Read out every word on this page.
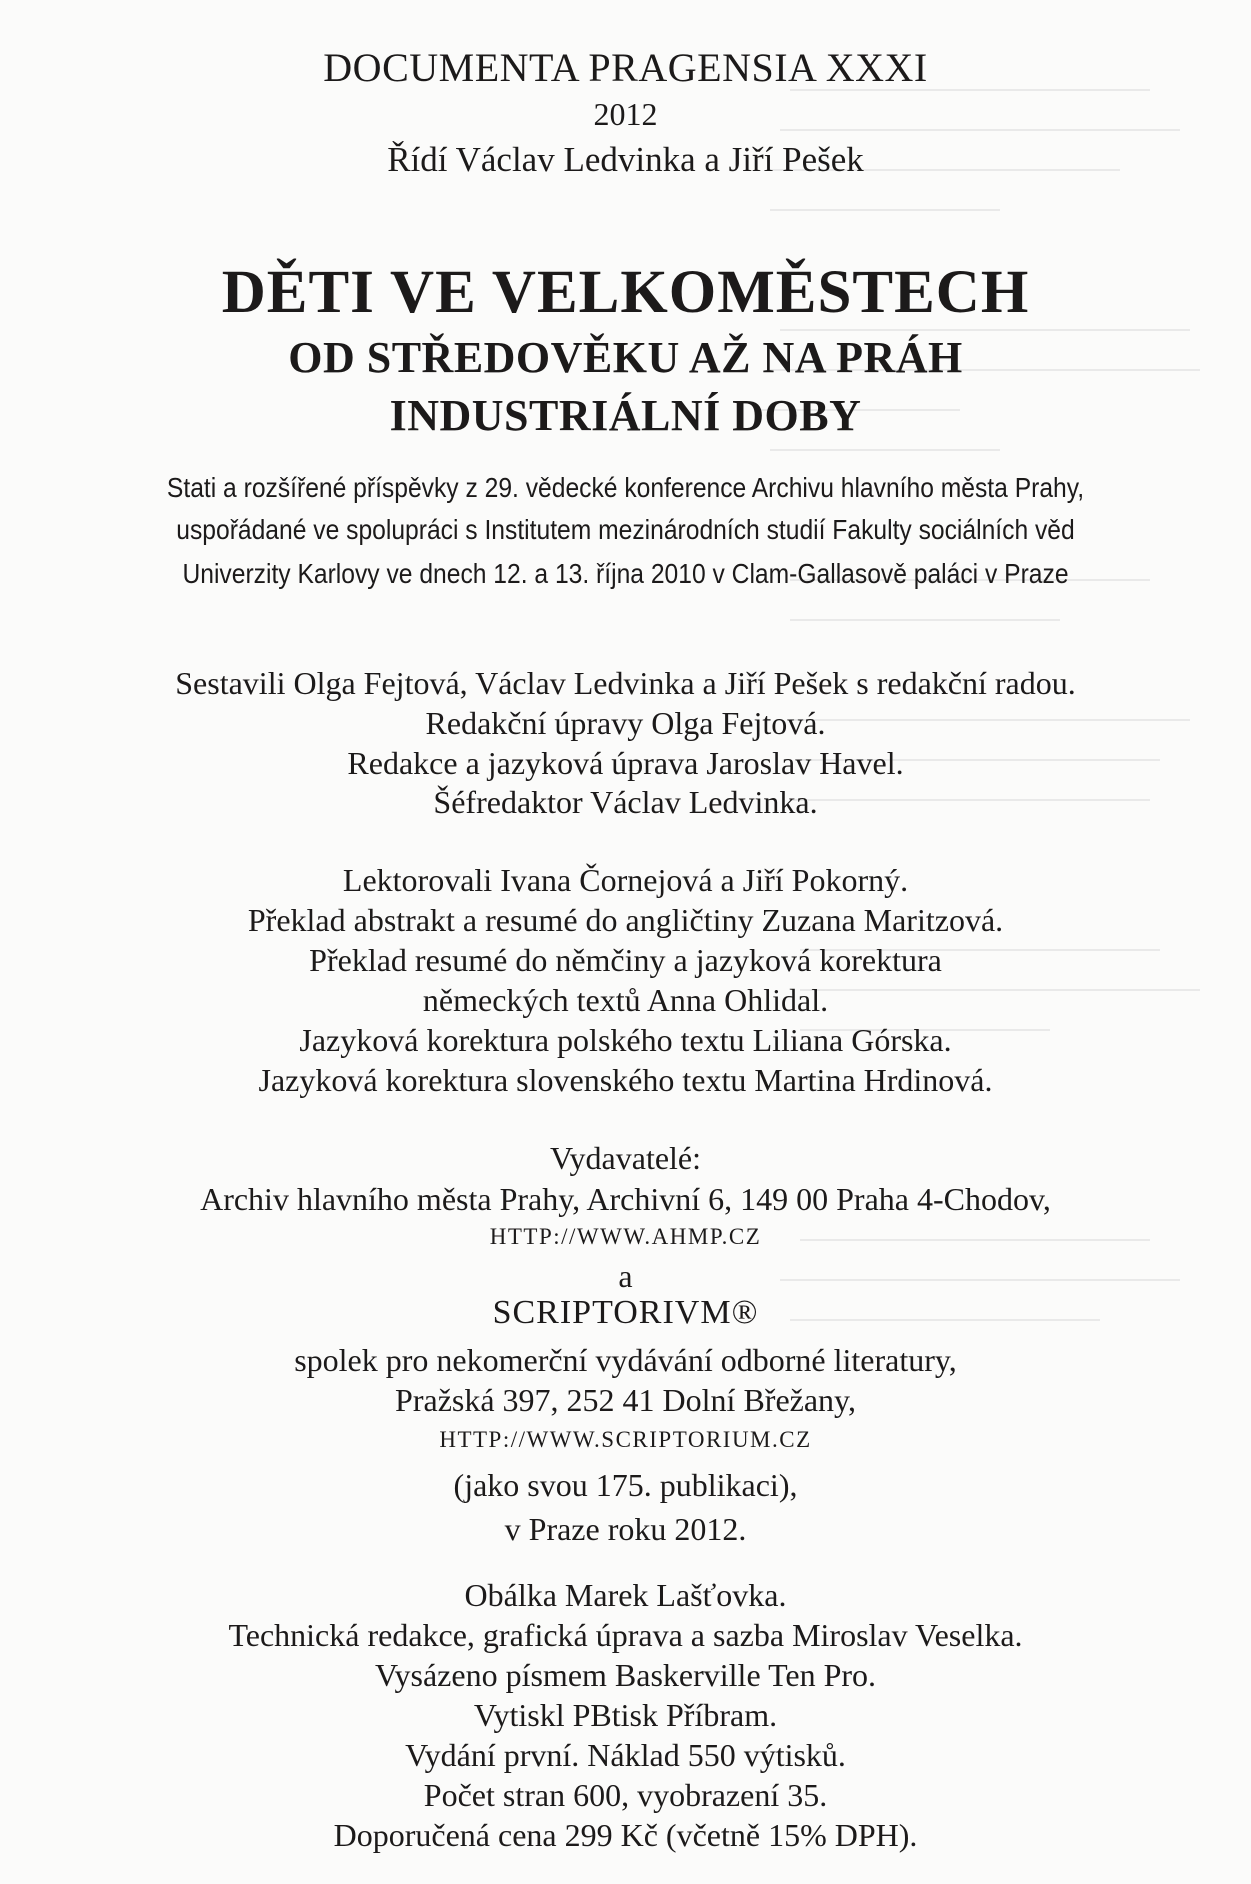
DOCUMENTA PRAGENSIA XXXI
2012
Řídí Václav Ledvinka a Jiří Pešek
DĚTI VE VELKOMĚSTECH
OD STŘEDOVĚKU AŽ NA PRÁH
INDUSTRIÁLNÍ DOBY
Stati a rozšířené příspěvky z 29. vědecké konference Archivu hlavního města Prahy,
uspořádané ve spolupráci s Institutem mezinárodních studií Fakulty sociálních věd
Univerzity Karlovy ve dnech 12. a 13. října 2010 v Clam-Gallasově paláci v Praze
Sestavili Olga Fejtová, Václav Ledvinka a Jiří Pešek s redakční radou.
Redakční úpravy Olga Fejtová.
Redakce a jazyková úprava Jaroslav Havel.
Šéfredaktor Václav Ledvinka.
Lektorovali Ivana Čornejová a Jiří Pokorný.
Překlad abstrakt a resumé do angličtiny Zuzana Maritzová.
Překlad resumé do němčiny a jazyková korektura
německých textů Anna Ohlidal.
Jazyková korektura polského textu Liliana Górska.
Jazyková korektura slovenského textu Martina Hrdinová.
Vydavatelé:
Archiv hlavního města Prahy, Archivní 6, 149 00 Praha 4-Chodov,
HTTP://WWW.AHMP.CZ
a
SCRIPTORIVM®
spolek pro nekomerční vydávání odborné literatury,
Pražská 397, 252 41 Dolní Břežany,
HTTP://WWW.SCRIPTORIUM.CZ
(jako svou 175. publikaci),
v Praze roku 2012.
Obálka Marek Lašťovka.
Technická redakce, grafická úprava a sazba Miroslav Veselka.
Vysázeno písmem Baskerville Ten Pro.
Vytiskl PBtisk Příbram.
Vydání první. Náklad 550 výtisků.
Počet stran 600, vyobrazení 35.
Doporučená cena 299 Kč (včetně 15% DPH).
